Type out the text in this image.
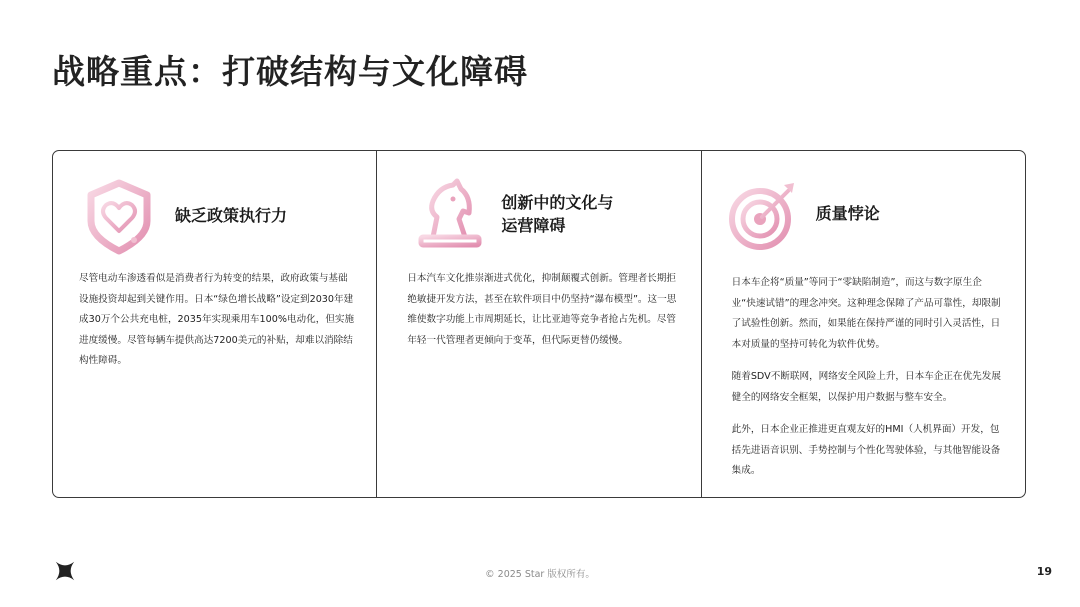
战略重点：打破结构与文化障碍
缺乏政策执行力

尽管电动车渗透看似是消费者行为转变的结果，政府政策与基础设施投资却起到关键作用。日本“绿色增长战略”设定到2030年建成30万个公共充电桩，2035年实现乘用车100%电动化，但实施进度缓慢。尽管每辆车提供高达7200美元的补贴，却难以消除结构性障碍。

创新中的文化与
运营障碍

日本汽车文化推崇渐进式优化，抑制颠覆式创新。管理者长期拒绝敏捷开发方法，甚至在软件项目中仍坚持“瀑布模型”。这一思维使数字功能上市周期延长，让比亚迪等竞争者抢占先机。尽管年轻一代管理者更倾向于变革，但代际更替仍缓慢。

质量悖论

日本车企将“质量”等同于“零缺陷制造”，而这与数字原生企业“快速试错”的理念冲突。这种理念保障了产品可靠性，却限制了试验性创新。然而，如果能在保持严谨的同时引入灵活性，日本对质量的坚持可转化为软件优势。

随着SDV不断联网，网络安全风险上升，日本车企正在优先发展健全的网络安全框架，以保护用户数据与整车安全。

此外，日本企业正推进更直观友好的HMI（人机界面）开发，包括先进语音识别、手势控制与个性化驾驶体验，与其他智能设备集成。

© 2025 Star 版权所有。	19
